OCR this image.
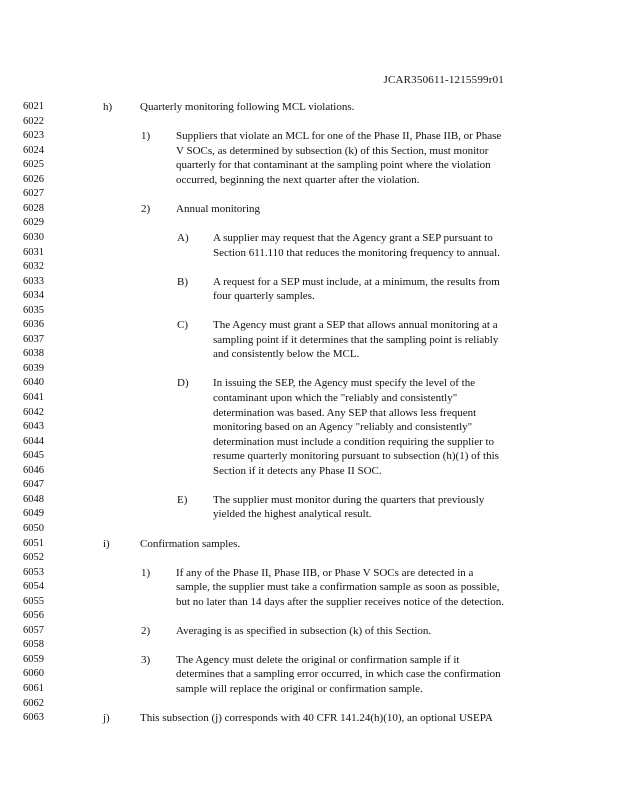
JCAR350611-1215599r01
6021
6022
6023
6024
6025
6026
6027
6028
6029
6030
6031
6032
6033
6034
6035
6036
6037
6038
6039
6040
6041
6042
6043
6044
6045
6046
6047
6048
6049
6050
6051
6052
6053
6054
6055
6056
6057
6058
6059
6060
6061
6062
6063
h)	Quarterly monitoring following MCL violations.
1) Suppliers that violate an MCL for one of the Phase II, Phase IIB, or Phase
V SOCs, as determined by subsection (k) of this Section, must monitor
quarterly for that contaminant at the sampling point where the violation
occurred, beginning the next quarter after the violation.
2) Annual monitoring
A) A supplier may request that the Agency grant a SEP pursuant to
Section 611.110 that reduces the monitoring frequency to annual.
B) A request for a SEP must include, at a minimum, the results from
four quarterly samples.
C) The Agency must grant a SEP that allows annual monitoring at a
sampling point if it determines that the sampling point is reliably
and consistently below the MCL.
D) In issuing the SEP, the Agency must specify the level of the
contaminant upon which the "reliably and consistently"
determination was based. Any SEP that allows less frequent
monitoring based on an Agency "reliably and consistently"
determination must include a condition requiring the supplier to
resume quarterly monitoring pursuant to subsection (h)(1) of this
Section if it detects any Phase II SOC.
E) The supplier must monitor during the quarters that previously
yielded the highest analytical result.
i)	Confirmation samples.
1) If any of the Phase II, Phase IIB, or Phase V SOCs are detected in a
sample, the supplier must take a confirmation sample as soon as possible,
but no later than 14 days after the supplier receives notice of the detection.
2) Averaging is as specified in subsection (k) of this Section.
3) The Agency must delete the original or confirmation sample if it
determines that a sampling error occurred, in which case the confirmation
sample will replace the original or confirmation sample.
j)	This subsection (j) corresponds with 40 CFR 141.24(h)(10), an optional USEPA
